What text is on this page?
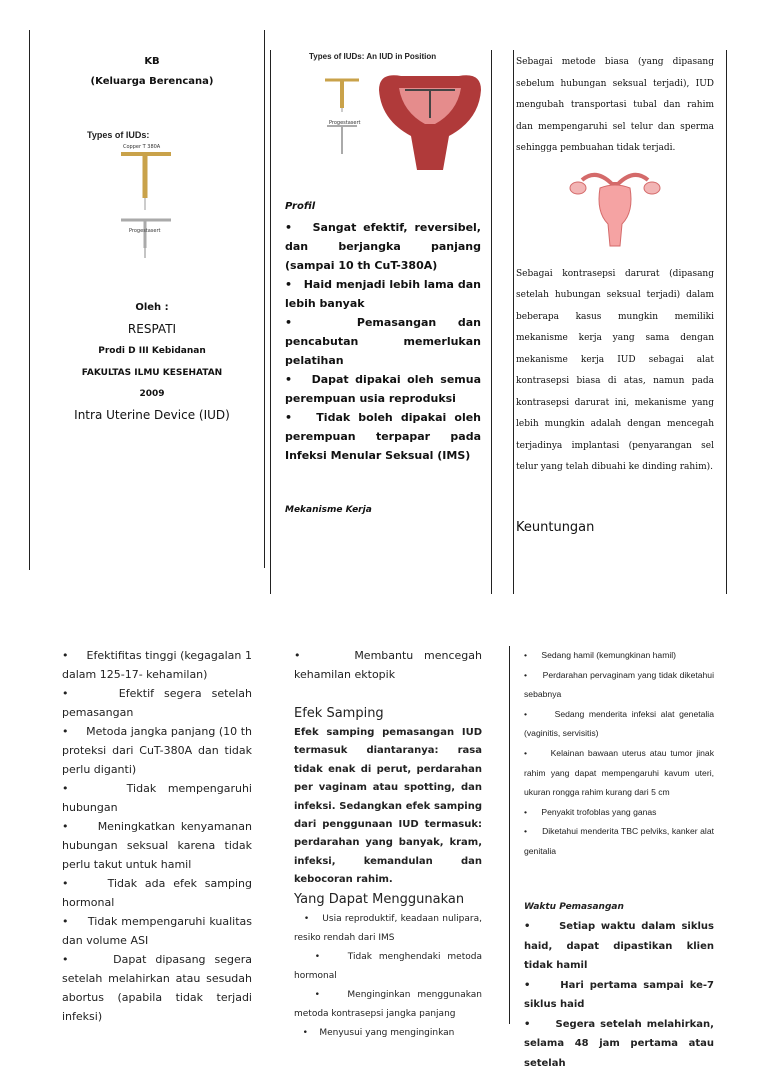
KB

(Keluarga Berencana)

Types of IUDs:
Copper T 380A
Progestasert

Oleh :

RESPATI

Prodi D III Kebidanan

FAKULTAS ILMU KESEHATAN

2009

Intra Uterine Device (IUD)

Types of IUDs: An IUD in Position
Progestasert

Profil

•   Sangat efektif, reversibel, dan berjangka panjang (sampai 10 th CuT-380A)

•   Haid menjadi lebih lama dan lebih banyak

•   Pemasangan dan pencabutan memerlukan pelatihan

•   Dapat dipakai oleh semua perempuan usia reproduksi

•   Tidak boleh dipakai oleh perempuan terpapar pada Infeksi Menular Seksual (IMS)

Mekanisme Kerja

Sebagai metode biasa (yang dipasang sebelum hubungan seksual terjadi), IUD mengubah transportasi tubal dan rahim dan mempengaruhi sel telur dan sperma sehingga pembuahan tidak terjadi.

Sebagai kontrasepsi darurat (dipasang setelah hubungan seksual terjadi) dalam beberapa kasus mungkin memiliki mekanisme kerja yang sama dengan mekanisme kerja IUD sebagai alat kontrasepsi biasa di atas, namun pada kontrasepsi darurat ini, mekanisme yang lebih mungkin adalah dengan mencegah terjadinya implantasi (penyarangan sel telur yang telah dibuahi ke dinding rahim).

Keuntungan

•     Efektifitas tinggi (kegagalan 1 dalam 125-17- kehamilan)

•     Efektif segera setelah pemasangan

•     Metoda jangka panjang (10 th proteksi dari CuT-380A dan tidak perlu diganti)

•     Tidak mempengaruhi hubungan

•     Meningkatkan kenyamanan hubungan seksual karena tidak perlu takut untuk hamil

•     Tidak ada efek samping hormonal

•     Tidak mempengaruhi kualitas dan volume ASI

•     Dapat dipasang segera setelah melahirkan atau sesudah abortus (apabila tidak terjadi infeksi)

•     Membantu mencegah kehamilan ektopik

Efek Samping

Efek samping pemasangan IUD termasuk diantaranya: rasa tidak enak di perut, perdarahan per vaginam atau spotting, dan infeksi. Sedangkan efek samping dari penggunaan IUD termasuk: perdarahan yang banyak, kram, infeksi, kemandulan dan kebocoran rahim.

Yang Dapat Menggunakan

•    Usia reproduktif, keadaan nulipara, resiko rendah dari IMS

•    Tidak menghendaki metoda hormonal

•    Menginginkan menggunakan metoda kontrasepsi jangka panjang

•    Menyusui yang menginginkan

•      Sedang hamil (kemungkinan hamil)

•      Perdarahan pervaginam yang tidak diketahui sebabnya

•      Sedang menderita infeksi alat genetalia (vaginitis, servisitis)

•      Kelainan bawaan uterus atau tumor jinak rahim yang dapat mempengaruhi kavum uteri, ukuran rongga rahim kurang dari 5 cm

•      Penyakit trofoblas yang ganas

•      Diketahui menderita TBC pelviks, kanker alat genitalia

Waktu Pemasangan

•     Setiap waktu dalam siklus haid, dapat dipastikan klien tidak hamil

•     Hari pertama sampai ke-7 siklus haid

•     Segera setelah melahirkan, selama 48 jam pertama atau setelah
